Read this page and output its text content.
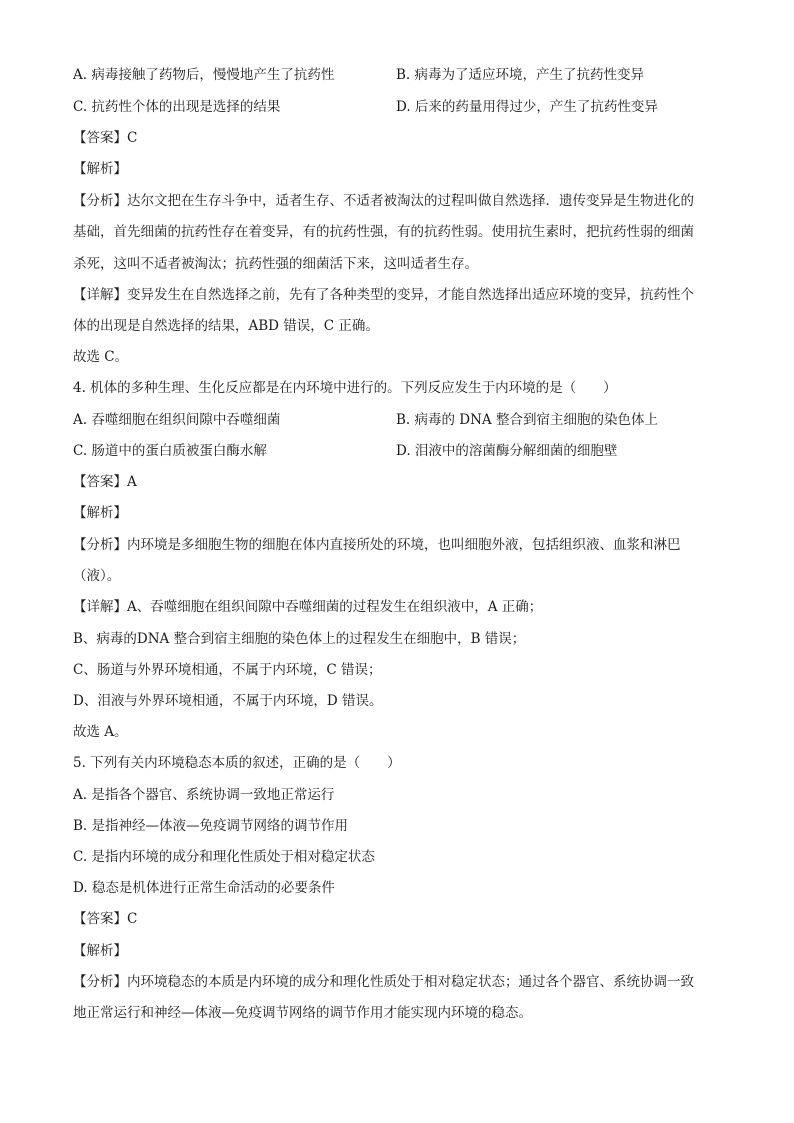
A. 病毒接触了药物后，慢慢地产生了抗药性	B. 病毒为了适应环境，产生了抗药性变异
C. 抗药性个体的出现是选择的结果	D. 后来的药量用得过少，产生了抗药性变异
【答案】C
【解析】
【分析】达尔文把在生存斗争中，适者生存、不适者被淘汰的过程叫做自然选择．遗传变异是生物进化的
基础，首先细菌的抗药性存在着变异，有的抗药性强，有的抗药性弱。使用抗生素时，把抗药性弱的细菌
杀死，这叫不适者被淘汰；抗药性强的细菌活下来，这叫适者生存。
【详解】变异发生在自然选择之前，先有了各种类型的变异，才能自然选择出适应环境的变异，抗药性个
体的出现是自然选择的结果，ABD 错误，C 正确。
故选 C。
4. 机体的多种生理、生化反应都是在内环境中进行的。下列反应发生于内环境的是（　　）
A. 吞噬细胞在组织间隙中吞噬细菌	B. 病毒的 DNA 整合到宿主细胞的染色体上
C. 肠道中的蛋白质被蛋白酶水解	D. 泪液中的溶菌酶分解细菌的细胞壁
【答案】A
【解析】
【分析】内环境是多细胞生物的细胞在体内直接所处的环境，也叫细胞外液，包括组织液、血浆和淋巴
（液）。
【详解】A、吞噬细胞在组织间隙中吞噬细菌的过程发生在组织液中，A 正确；
B、病毒的DNA 整合到宿主细胞的染色体上的过程发生在细胞中，B 错误；
C、肠道与外界环境相通，不属于内环境，C 错误；
D、泪液与外界环境相通，不属于内环境，D 错误。
故选 A。
5. 下列有关内环境稳态本质的叙述，正确的是（　　）
A. 是指各个器官、系统协调一致地正常运行
B. 是指神经—体液—免疫调节网络的调节作用
C. 是指内环境的成分和理化性质处于相对稳定状态
D. 稳态是机体进行正常生命活动的必要条件
【答案】C
【解析】
【分析】内环境稳态的本质是内环境的成分和理化性质处于相对稳定状态；通过各个器官、系统协调一致
地正常运行和神经—体液—免疫调节网络的调节作用才能实现内环境的稳态。
